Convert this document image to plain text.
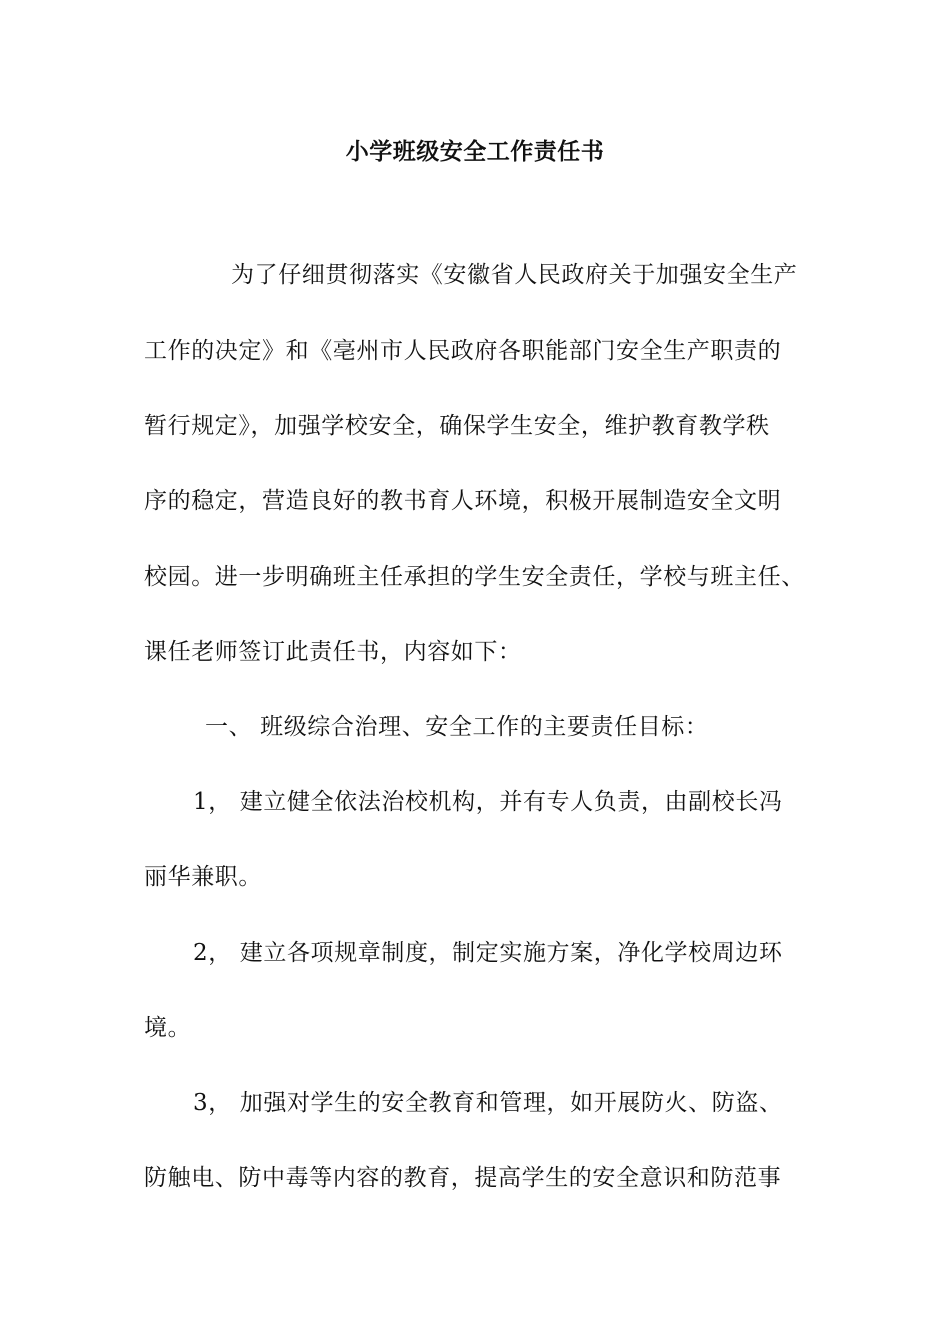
小学班级安全工作责任书
为了仔细贯彻落实《安徽省人民政府关于加强安全生产
工作的决定》和《亳州市人民政府各职能部门安全生产职责的
暂行规定》，加强学校安全，确保学生安全，维护教育教学秩
序的稳定，营造良好的教书育人环境，积极开展制造安全文明
校园。进一步明确班主任承担的学生安全责任，学校与班主任、
课任老师签订此责任书，内容如下：
一、 班级综合治理、安全工作的主要责任目标：
1， 建立健全依法治校机构，并有专人负责，由副校长冯
丽华兼职。
2， 建立各项规章制度，制定实施方案，净化学校周边环
境。
3， 加强对学生的安全教育和管理，如开展防火、防盗、
防触电、防中毒等内容的教育，提高学生的安全意识和防范事
